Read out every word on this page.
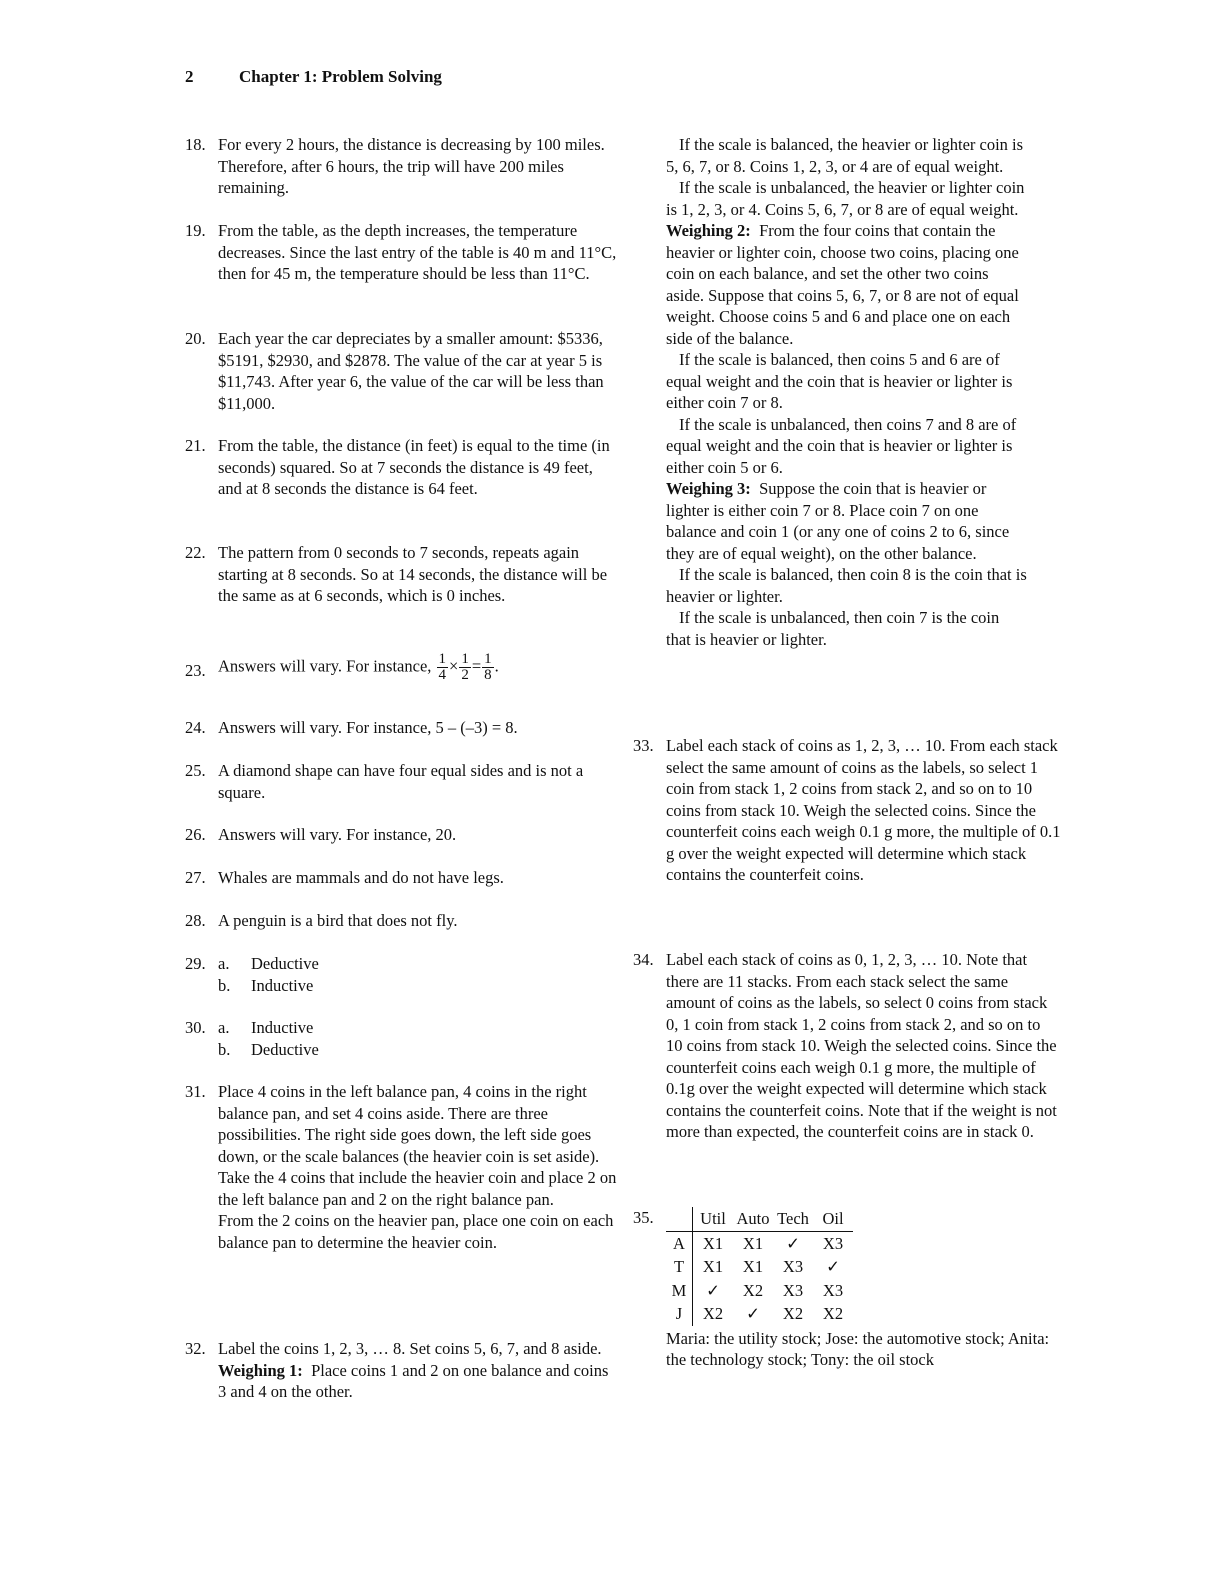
2	Chapter 1: Problem Solving
18. For every 2 hours, the distance is decreasing by 100 miles. Therefore, after 6 hours, the trip will have 200 miles remaining.

19. From the table, as the depth increases, the temperature decreases. Since the last entry of the table is 40 m and 11°C, then for 45 m, the temperature should be less than 11°C.

20. Each year the car depreciates by a smaller amount: $5336, $5191, $2930, and $2878. The value of the car at year 5 is $11,743. After year 6, the value of the car will be less than $11,000.

21. From the table, the distance (in feet) is equal to the time (in seconds) squared. So at 7 seconds the distance is 49 feet, and at 8 seconds the distance is 64 feet.

22. The pattern from 0 seconds to 7 seconds, repeats again starting at 8 seconds. So at 14 seconds, the distance will be the same as at 6 seconds, which is 0 inches.

23. Answers will vary. For instance, $\frac{1}{4} \times \frac{1}{2} = \frac{1}{8}$ .
24. Answers will vary. For instance, 5 – (–3) = 8.

25. A diamond shape can have four equal sides and is not a square.

26. Answers will vary. For instance, 20.

27. Whales are mammals and do not have legs.

28. A penguin is a bird that does not fly.

29. a. Deductive
b. Inductive
30. a. Inductive
b. Deductive
31. Place 4 coins in the left balance pan, 4 coins in the right balance pan, and set 4 coins aside. There are three possibilities. The right side goes down, the left side goes down, or the scale balances (the heavier coin is set aside).

Take the 4 coins that include the heavier coin and place 2 on the left balance pan and 2 on the right balance pan.

From the 2 coins on the heavier pan, place one coin on each balance pan to determine the heavier coin.

32. Label the coins 1, 2, 3, … 8. Set coins 5, 6, 7, and 8 aside.

Weighing 1: Place coins 1 and 2 on one balance and coins 3 and 4 on the other.

If the scale is balanced, the heavier or lighter coin is 5, 6, 7, or 8. Coins 1, 2, 3, or 4 are of equal weight.

If the scale is unbalanced, the heavier or lighter coin is 1, 2, 3, or 4. Coins 5, 6, 7, or 8 are of equal weight.

Weighing 2: From the four coins that contain the heavier or lighter coin, choose two coins, placing one coin on each balance, and set the other two coins aside. Suppose that coins 5, 6, 7, or 8 are not of equal weight. Choose coins 5 and 6 and place one on each side of the balance.

If the scale is balanced, then coins 5 and 6 are of equal weight and the coin that is heavier or lighter is either coin 7 or 8.

If the scale is unbalanced, then coins 7 and 8 are of equal weight and the coin that is heavier or lighter is either coin 5 or 6.

Weighing 3: Suppose the coin that is heavier or lighter is either coin 7 or 8. Place coin 7 on one balance and coin 1 (or any one of coins 2 to 6, since they are of equal weight), on the other balance.

If the scale is balanced, then coin 8 is the coin that is heavier or lighter.

If the scale is unbalanced, then coin 7 is the coin that is heavier or lighter.

33. Label each stack of coins as 1, 2, 3, … 10. From each stack select the same amount of coins as the labels, so select 1 coin from stack 1, 2 coins from stack 2, and so on to 10 coins from stack 10. Weigh the selected coins. Since the counterfeit coins each weigh 0.1 g more, the multiple of 0.1 g over the weight expected will determine which stack contains the counterfeit coins.

34. Label each stack of coins as 0, 1, 2, 3, … 10. Note that there are 11 stacks. From each stack select the same amount of coins as the labels, so select 0 coins from stack 0, 1 coin from stack 1, 2 coins from stack 2, and so on to 10 coins from stack 10. Weigh the selected coins. Since the counterfeit coins each weigh 0.1 g more, the multiple of 0.1g over the weight expected will determine which stack contains the counterfeit coins. Note that if the weight is not more than expected, the counterfeit coins are in stack 0.

35.
		Util	Auto	Tech	Oil
A	X1	X1	✓	X3
T	X1	X1	X3	✓
M	✓	X2	X3	X3
J	X2	✓	X2	X2

Maria: the utility stock; Jose: the automotive stock; Anita: the technology stock; Tony: the oil stock
